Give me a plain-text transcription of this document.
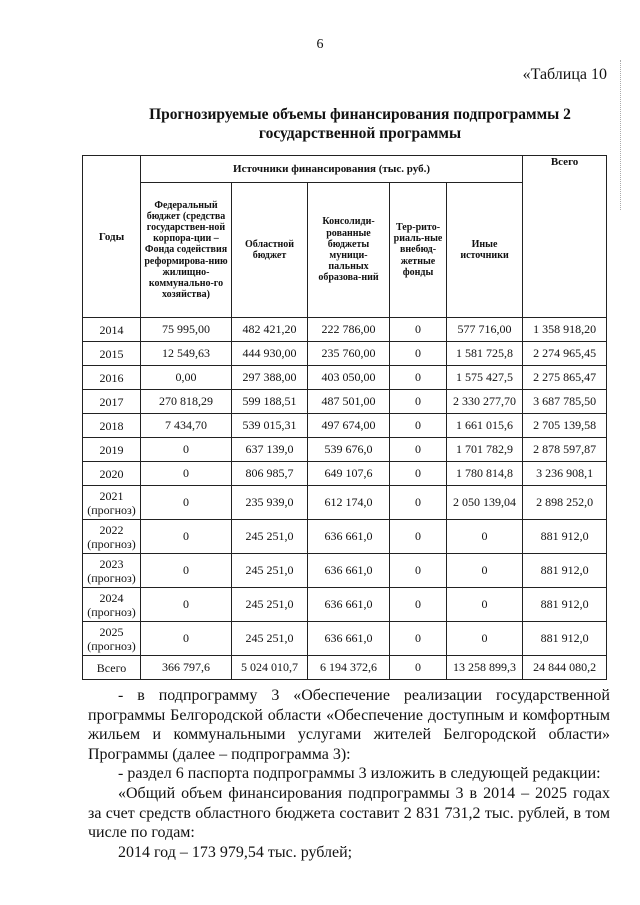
6
«Таблица 10
Прогнозируемые объемы финансирования подпрограммы 2
государственной программы
Годы	Источники финансирования (тыс. руб.)					Всего
	Федеральный бюджет (средства государствен-ной корпора-ции – Фонда содействия реформирова-нию жилищно-коммунально-го хозяйства)	Областной бюджет	Консолиди-рованные бюджеты муници-пальных образова-ний	Тер-рито-риаль-ные внебюд-жетные фонды	Иные источники	
2014	75 995,00	482 421,20	222 786,00	0	577 716,00	1 358 918,20
2015	12 549,63	444 930,00	235 760,00	0	1 581 725,8	2 274 965,45
2016	0,00	297 388,00	403 050,00	0	1 575 427,5	2 275 865,47
2017	270 818,29	599 188,51	487 501,00	0	2 330 277,70	3 687 785,50
2018	7 434,70	539 015,31	497 674,00	0	1 661 015,6	2 705 139,58
2019	0	637 139,0	539 676,0	0	1 701 782,9	2 878 597,87
2020	0	806 985,7	649 107,6	0	1 780 814,8	3 236 908,1
2021
(прогноз)	0	235 939,0	612 174,0	0	2 050 139,04	2 898 252,0
2022
(прогноз)	0	245 251,0	636 661,0	0	0	881 912,0
2023
(прогноз)	0	245 251,0	636 661,0	0	0	881 912,0
2024
(прогноз)	0	245 251,0	636 661,0	0	0	881 912,0
2025
(прогноз)	0	245 251,0	636 661,0	0	0	881 912,0
Всего	366 797,6	5 024 010,7	6 194 372,6	0	13 258 899,3	24 844 080,2

- в подпрограмму 3 «Обеспечение реализации государственной

программы Белгородской области «Обеспечение доступным и комфортным

жильем и коммунальными услугами жителей Белгородской области»

Программы (далее – подпрограмма 3):

- раздел 6 паспорта подпрограммы 3 изложить в следующей редакции:

«Общий объем финансирования подпрограммы 3 в 2014 – 2025 годах

за счет средств областного бюджета составит 2 831 731,2 тыс. рублей, в том

числе по годам:

2014 год – 173 979,54 тыс. рублей;
